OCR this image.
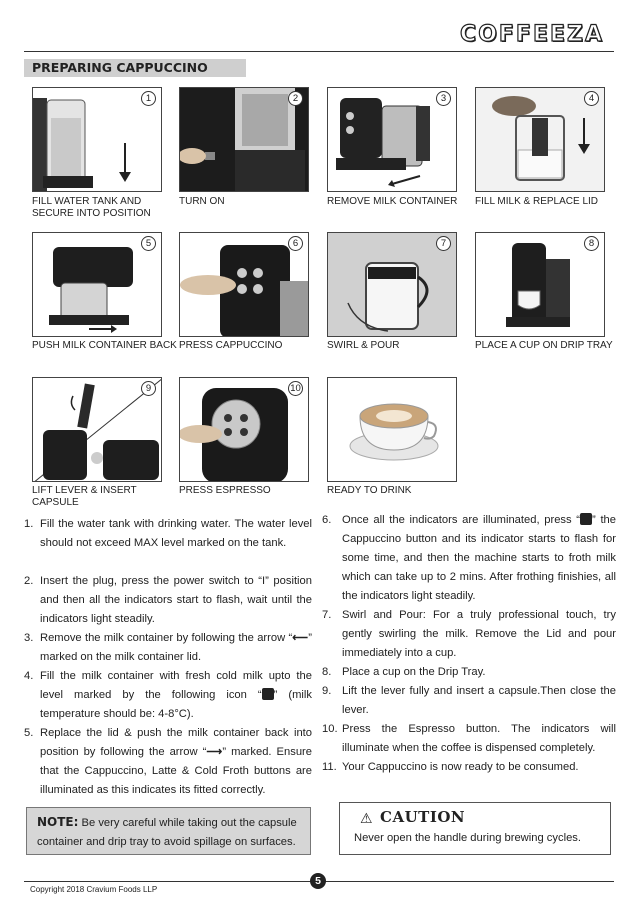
COFFEEZA
PREPARING CAPPUCCINO
1
FILL WATER TANK AND SECURE INTO POSITION
2
TURN ON
3
REMOVE MILK CONTAINER
4
FILL MILK & REPLACE LID
5
PUSH MILK CONTAINER BACK
6
PRESS CAPPUCCINO
7
SWIRL & POUR
8
PLACE A CUP ON DRIP TRAY
9
LIFT LEVER & INSERT CAPSULE
10
PRESS ESPRESSO	READY TO DRINK
1. Fill the water tank with drinking water. The water level should not exceed MAX level marked on the tank.
2. Insert the plug, press the power switch to “I” position and then all the indicators start to flash, wait until the indicators light steadily.
3. Remove the milk container by following the arrow “⟵” marked on the milk container lid.
4. Fill the milk container with fresh cold milk upto the level marked by the following icon “ ” (milk temperature should be: 4-8°C).
5. Replace the lid & push the milk container back into position by following the arrow “⟶” marked. Ensure that the Cappuccino, Latte & Cold Froth buttons are illuminated as this indicates its fitted correctly.
6. Once all the indicators are illuminated, press “ ” the Cappuccino button and its indicator starts to flash for some time, and then the machine starts to froth milk which can take up to 2 mins. After frothing finishies, all the indicators light steadily.
7. Swirl and Pour: For a truly professional touch, try gently swirling the milk. Remove the Lid and pour immediately into a cup.
8. Place a cup on the Drip Tray.
9. Lift the lever fully and insert a capsule.Then close the lever.
10. Press the Espresso button. The indicators will illuminate when the coffee is dispensed completely.
11. Your Cappuccino is now ready to be consumed.
NOTE: Be very careful while taking out the capsule container and drip tray to avoid spillage on surfaces.
⚠ CAUTION
Never open the handle during brewing cycles.
Copyright 2018 Cravium Foods LLP
5
